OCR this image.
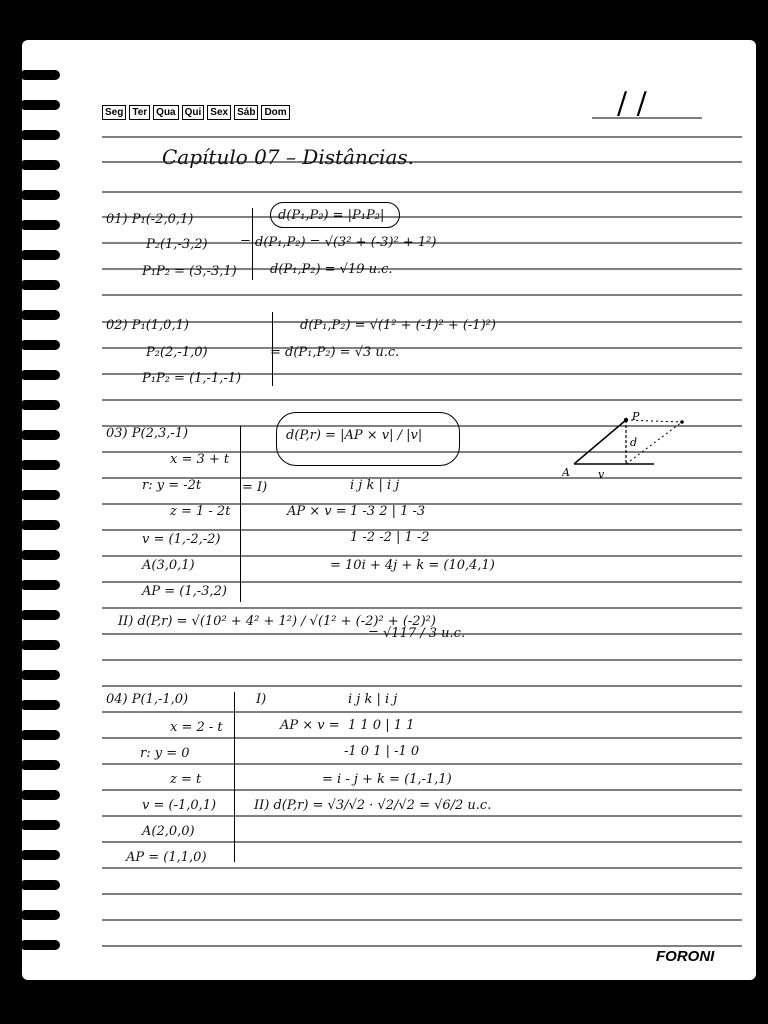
Seg Ter Qua Qui Sex Sáb Dom	/ /
Capítulo 07 – Distâncias.
01) P₁(-2,0,1)
P₂(1,-3,2)
P₁P₂ = (3,-3,1)
d(P₁,P₂) = |P₁P₂|
= d(P₁,P₂) = √(3² + (-3)² + 1²)
d(P₁,P₂) = √19 u.c.
02) P₁(1,0,1)
P₂(2,-1,0)
P₁P₂ = (1,-1,-1)
d(P₁,P₂) = √(1² + (-1)² + (-1)²)
= d(P₁,P₂) = √3 u.c.
03) P(2,3,-1)
x = 3 + t
r: y = -2t
z = 1 - 2t
v = (1,-2,-2)
A(3,0,1)
AP = (1,-3,2)
d(P,r) = |AP × v| / |v|
= I)
AP × v =
i j k | i j
1 -3 2 | 1 -3
1 -2 -2 | 1 -2
= 10i + 4j + k = (10,4,1)
II) d(P,r) = √(10² + 4² + 1²) / √(1² + (-2)² + (-2)²)
= √117 / 3 u.c.
P
d
A	v
04) P(1,-1,0)
x = 2 - t
r: y = 0
z = t
v = (-1,0,1)
A(2,0,0)
AP = (1,1,0)
I)
AP × v =
i j k | i j
1 1 0 | 1 1
-1 0 1 | -1 0
= i - j + k = (1,-1,1)
II) d(P,r) = √3/√2 · √2/√2 = √6/2 u.c.
FORONI
